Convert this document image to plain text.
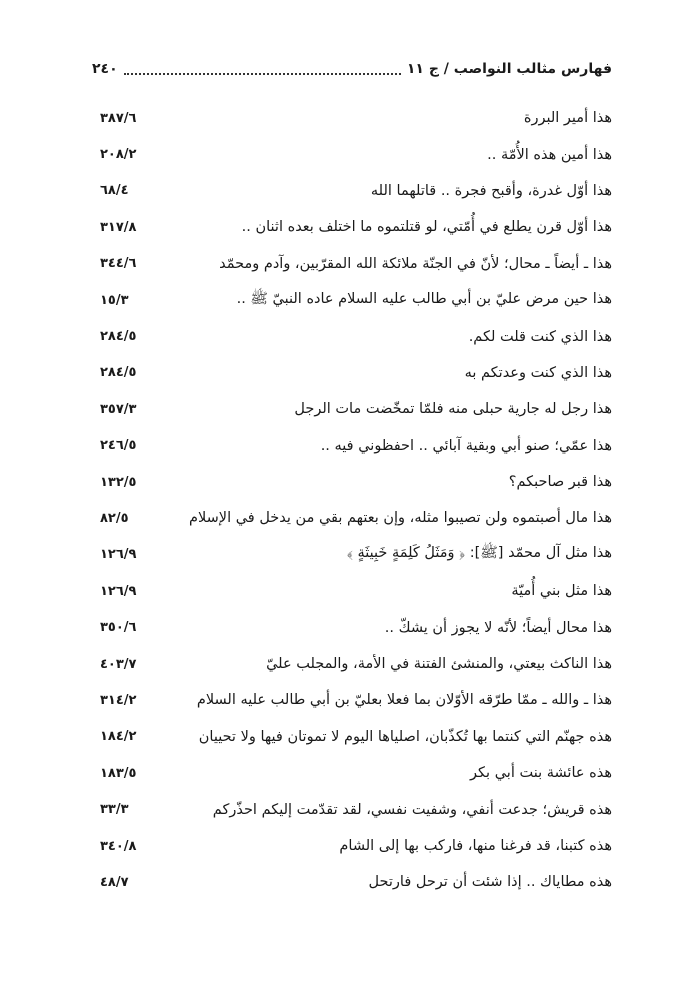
فهارس مثالب النواصب / ج ١١
٢٤٠
هذا أمير البررة
٣٨٧/٦
هذا أمين هذه الأُمّة ..
٢٠٨/٢
هذا أوّل غدرة، وأقبح فجرة .. قاتلهما الله
٦٨/٤
هذا أوّل قرن يطلع في أُمّتي، لو قتلتموه ما اختلف بعده اثنان ..
٣١٧/٨
هذا ـ أيضاً ـ محال؛ لأنّ في الجنّة ملائكة الله المقرّبين، وآدم ومحمّد
٣٤٤/٦
هذا حين مرض عليّ بن أبي طالب عليه السلام عاده النبيّ ﷺ ..
١٥/٣
هذا الذي كنت قلت لكم.
٢٨٤/٥
هذا الذي كنت وعدتكم به
٢٨٤/٥
هذا رجل له جارية حبلى منه فلمّا تمخّضت مات الرجل
٣٥٧/٣
هذا عمّي؛ صنو أبي وبقية آبائي .. احفظوني فيه ..
٢٤٦/٥
هذا قبر صاحبكم؟
١٣٢/٥
هذا مال أصبتموه ولن تصيبوا مثله، وإن بعتهم بقي من يدخل في الإسلام
٨٢/٥
هذا مثل آل محمّد [ﷺ]: ﴿ وَمَثَلُ كَلِمَةٍ خَبِيثَةٍ ﴾
١٢٦/٩
هذا مثل بني أُميّة
١٢٦/٩
هذا محال أيضاً؛ لأنّه لا يجوز أن يشكّ ..
٣٥٠/٦
هذا الناكث بيعتي، والمنشئ الفتنة في الأمة، والمجلب عليّ
٤٠٣/٧
هذا ـ والله ـ ممّا طرّقه الأوّلان بما فعلا بعليّ بن أبي طالب عليه السلام
٣١٤/٢
هذه جهنّم التي كنتما بها تُكذّبان، اصلياها اليوم لا تموتان فيها ولا تحييان
١٨٤/٢
هذه عائشة بنت أبي بكر
١٨٣/٥
هذه قريش؛ جدعت أنفي، وشفيت نفسي، لقد تقدّمت إليكم احذّركم
٣٣/٣
هذه كتبنا، قد فرغنا منها، فاركب بها إلى الشام
٣٤٠/٨
هذه مطاياك .. إذا شئت أن ترحل فارتحل
٤٨/٧
